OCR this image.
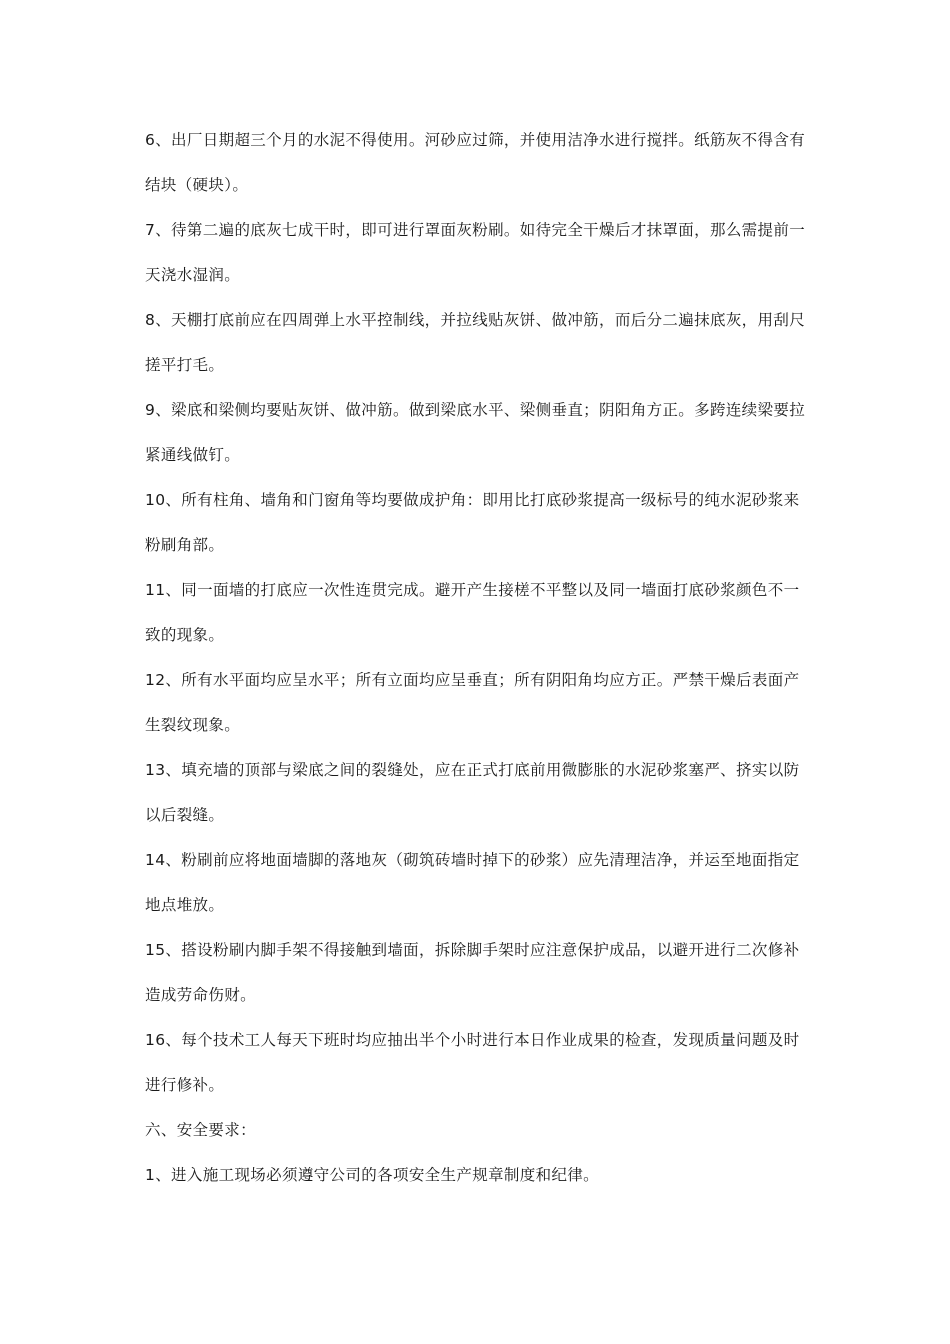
6、出厂日期超三个月的水泥不得使用。河砂应过筛，并使用洁净水进行搅拌。纸筋灰不得含有结块（硬块）。

7、待第二遍的底灰七成干时，即可进行罩面灰粉刷。如待完全干燥后才抹罩面，那么需提前一天浇水湿润。

8、天棚打底前应在四周弹上水平控制线，并拉线贴灰饼、做冲筋，而后分二遍抹底灰，用刮尺搓平打毛。

9、梁底和梁侧均要贴灰饼、做冲筋。做到梁底水平、梁侧垂直；阴阳角方正。多跨连续梁要拉紧通线做钉。

10、所有柱角、墙角和门窗角等均要做成护角：即用比打底砂浆提高一级标号的纯水泥砂浆来粉刷角部。

11、同一面墙的打底应一次性连贯完成。避开产生接槎不平整以及同一墙面打底砂浆颜色不一致的现象。

12、所有水平面均应呈水平；所有立面均应呈垂直；所有阴阳角均应方正。严禁干燥后表面产生裂纹现象。

13、填充墙的顶部与梁底之间的裂缝处，应在正式打底前用微膨胀的水泥砂浆塞严、挤实以防以后裂缝。

14、粉刷前应将地面墙脚的落地灰（砌筑砖墙时掉下的砂浆）应先清理洁净，并运至地面指定地点堆放。

15、搭设粉刷内脚手架不得接触到墙面，拆除脚手架时应注意保护成品，以避开进行二次修补造成劳命伤财。

16、每个技术工人每天下班时均应抽出半个小时进行本日作业成果的检查，发现质量问题及时进行修补。

六、安全要求：

1、进入施工现场必须遵守公司的各项安全生产规章制度和纪律。
